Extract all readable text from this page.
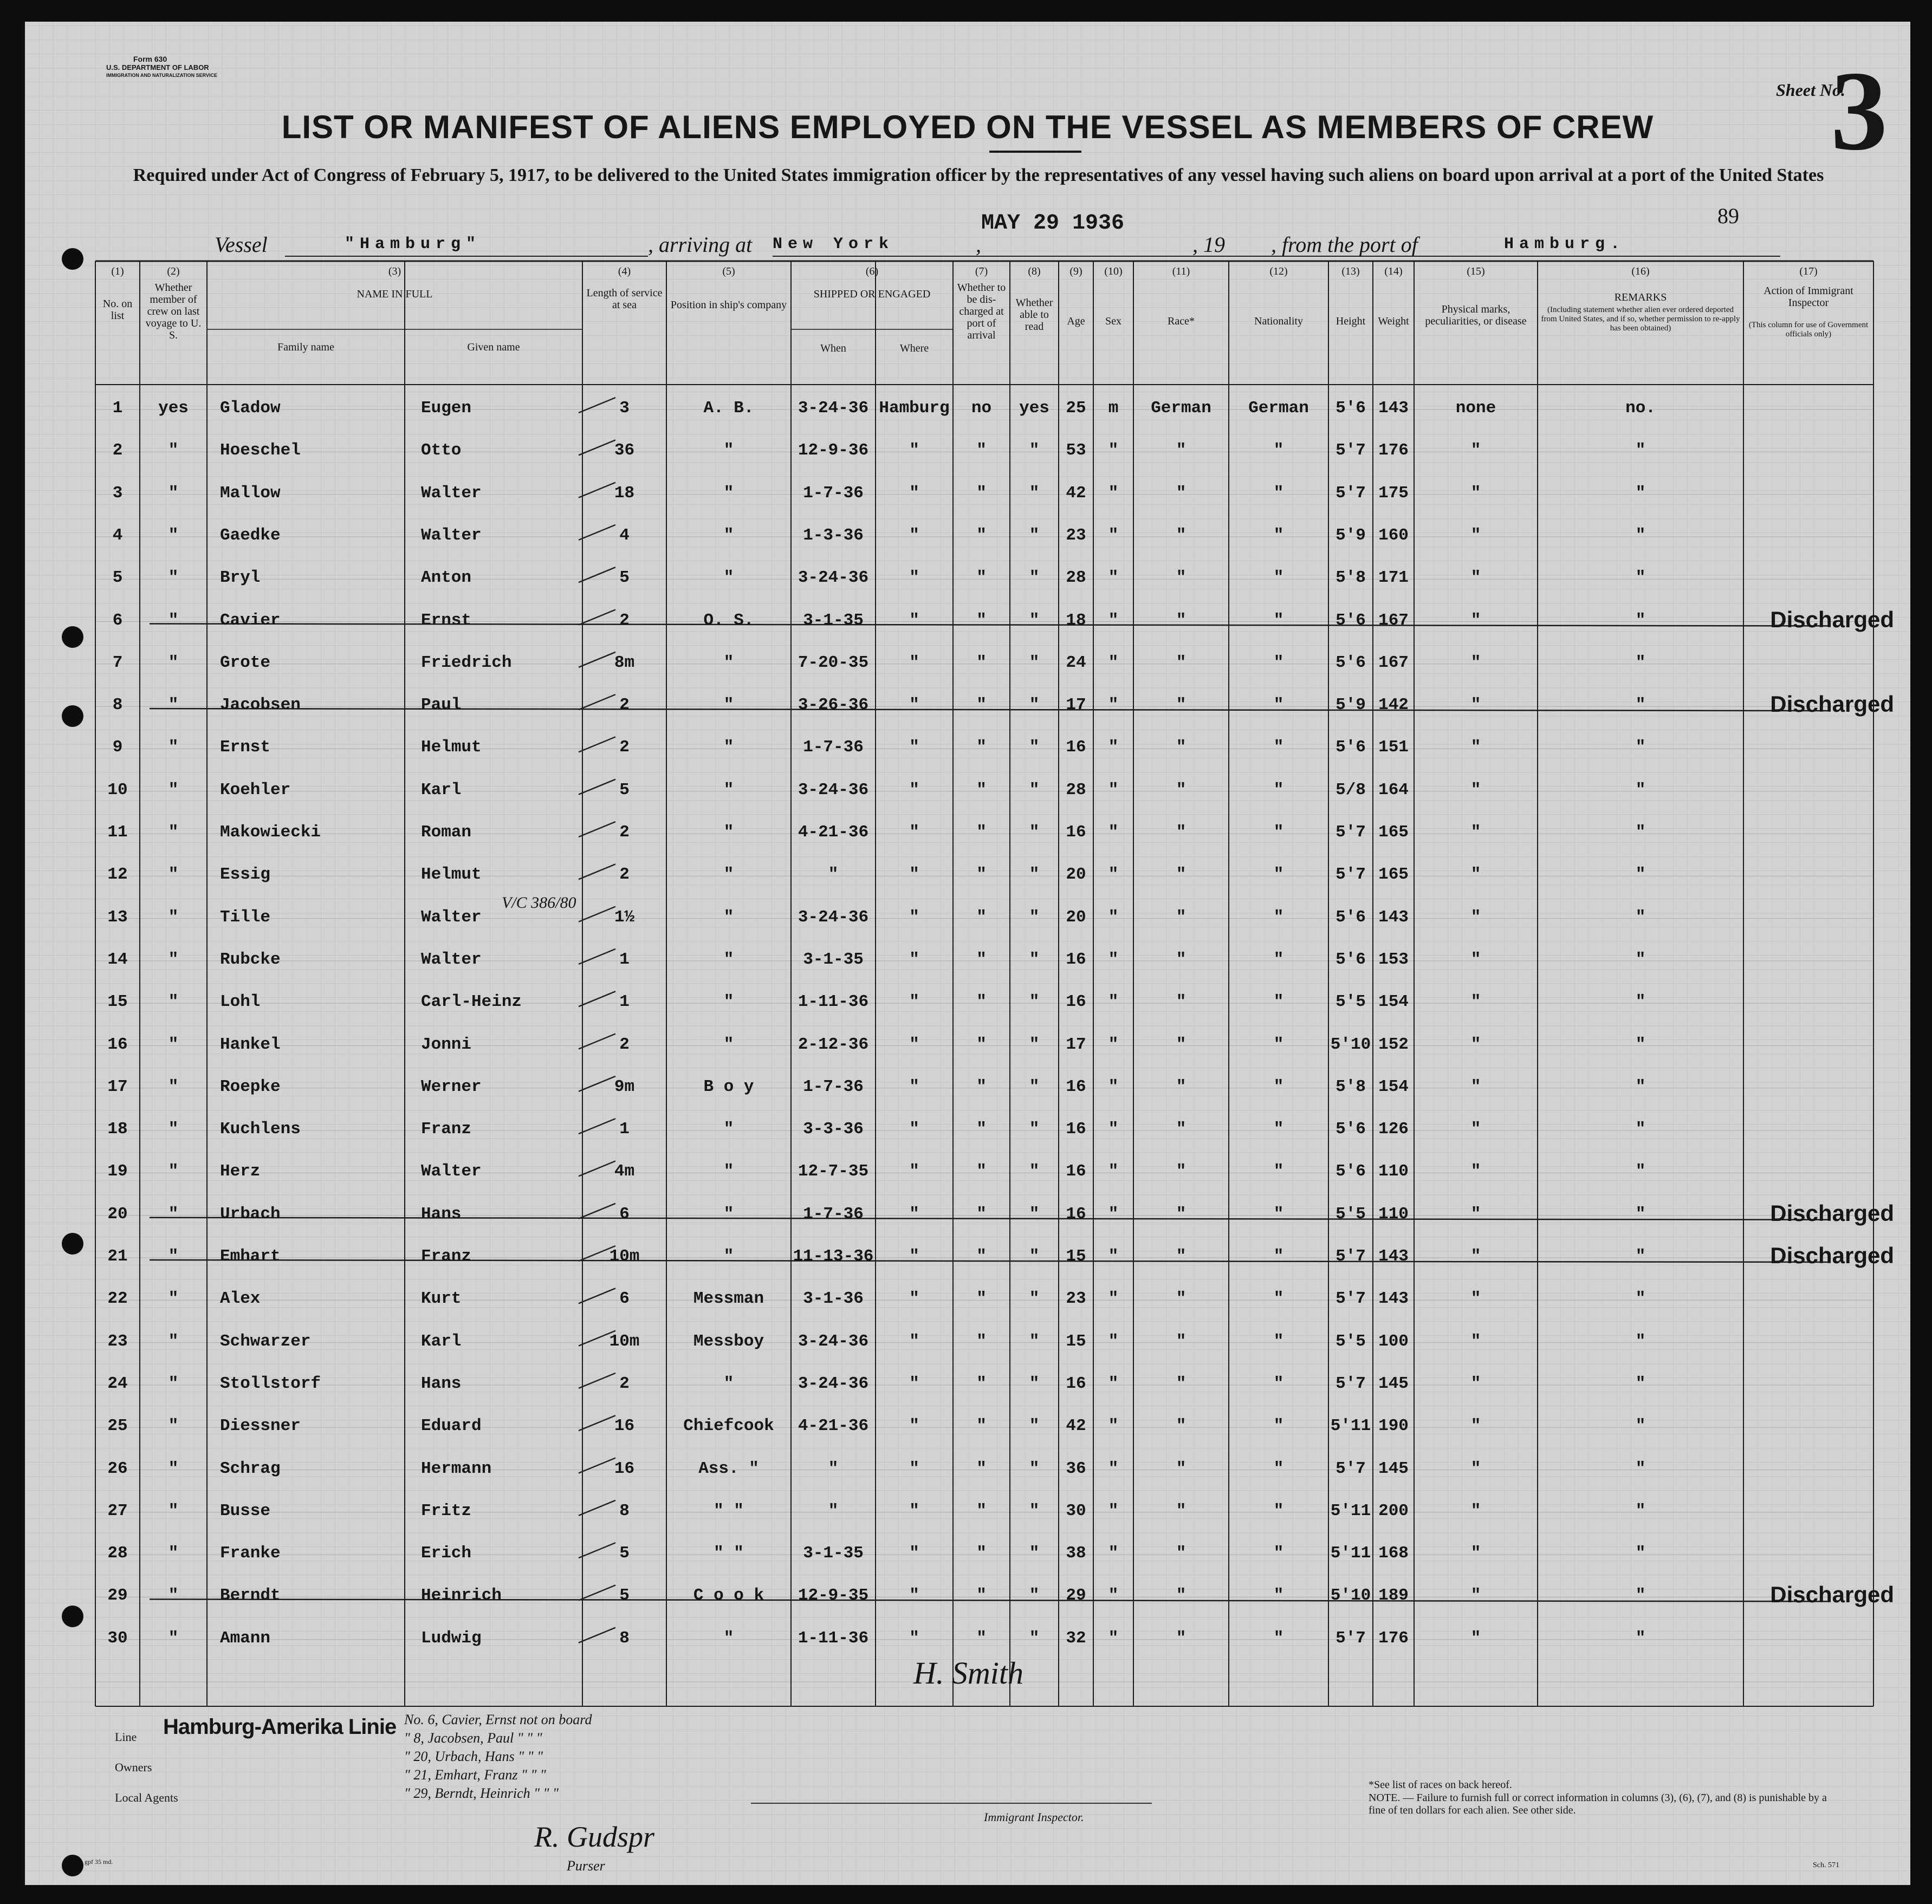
Form 630
U.S. DEPARTMENT OF LABOR
IMMIGRATION AND NATURALIZATION SERVICE
Sheet No.
3
LIST OR MANIFEST OF ALIENS EMPLOYED ON THE VESSEL AS MEMBERS OF CREW
Required under Act of Congress of February 5, 1917, to be delivered to the United States immigration officer by the representatives of any vessel having such aliens on board upon arrival at a port of the United States
MAY 29 1936	89
Vessel	"Hamburg"	, arriving at New York	,	, 19 , from the port of	Hamburg.
(1)	(2)	(3)	(4)	(5)	(6)	(7)	(8)	(9)	(10)	(11)	(12)	(13)	(14)	(15)	(16)	(17)
No. on list
Whether member of crew on last voyage to U. S.
NAME IN FULL
Family name	Given name
Length of service at sea	Position in ship's company
SHIPPED OR ENGAGED
When	Where
Whether to be dis-charged at port of arrival
Whether able to read	Age	Sex	Race*	Nationality	Height	Weight
Physical marks, peculiarities, or disease
REMARKS
Action of Immigrant Inspector
(Including statement whether alien ever ordered deported from United States, and if so, whether permission to re-apply has been obtained)	(This column for use of Government officials only)
1	yes	Gladow	Eugen	3	A. B.	3-24-36 Hamburg	no	yes 25	m	German	German	5'6 143	none	no.
2	"	Hoeschel	Otto	36	"	12-9-36	"	"	"	53	"	"	"	5'7 176	"	"
3	"	Mallow	Walter	18	"	1-7-36	"	"	"	42	"	"	"	5'7 175	"	"
4	"	Gaedke	Walter	4	"	1-3-36	"	"	"	23	"	"	"	5'9 160	"	"
5	"	Bryl	Anton	5	"	3-24-36	"	"	"	28	"	"	"	5'8 171	"	"
6	"	Cavier	Ernst	2	O. S.	3-1-35	"	"	"	18	"	"	"	5'6 167	"	"	Discharged
7	"	Grote	Friedrich	8m	"	7-20-35	"	"	"	24	"	"	"	5'6 167	"	"
8	"	Jacobsen	Paul	2	"	3-26-36	"	"	"	17	"	"	"	5'9 142	"	"	Discharged
9	"	Ernst	Helmut	2	"	1-7-36	"	"	"	16	"	"	"	5'6 151	"	"
10	"	Koehler	Karl	5	"	3-24-36	"	"	"	28	"	"	"	5/8 164	"	"
11	"	Makowiecki	Roman	2	"	4-21-36	"	"	"	16	"	"	"	5'7 165	"	"
12	"	Essig	Helmut	2	"	"	"	"	"	20	"	"	"	5'7 165	"	"
13	"	Tille	Walter	1½	"	3-24-36	"	"	"	20	"	"	"	5'6 143	"	"
V/C 386/80
14	"	Rubcke	Walter	1	"	3-1-35	"	"	"	16	"	"	"	5'6 153	"	"
15	"	Lohl	Carl-Heinz	1	"	1-11-36	"	"	"	16	"	"	"	5'5 154	"	"
16	"	Hankel	Jonni	2	"	2-12-36	"	"	"	17	"	"	"	5'10 152	"	"
17	"	Roepke	Werner	9m	B o y	1-7-36	"	"	"	16	"	"	"	5'8 154	"	"
18	"	Kuchlens	Franz	1	"	3-3-36	"	"	"	16	"	"	"	5'6 126	"	"
19	"	Herz	Walter	4m	"	12-7-35	"	"	"	16	"	"	"	5'6 110	"	"
20	"	Urbach	Hans	6	"	1-7-36	"	"	"	16	"	"	"	5'5 110	"	"	Discharged
21	"	Emhart	Franz	10m	"	11-13-36	"	"	"	15	"	"	"	5'7 143	"	"	Discharged
22	"	Alex	Kurt	6	Messman	3-1-36	"	"	"	23	"	"	"	5'7 143	"	"
23	"	Schwarzer	Karl	10m	Messboy	3-24-36	"	"	"	15	"	"	"	5'5 100	"	"
24	"	Stollstorf	Hans	2	"	3-24-36	"	"	"	16	"	"	"	5'7 145	"	"
25	"	Diessner	Eduard	16	Chiefcook	4-21-36	"	"	"	42	"	"	"	5'11 190	"	"
26	"	Schrag	Hermann	16	Ass. "	"	"	"	"	36	"	"	"	5'7 145	"	"
27	"	Busse	Fritz	8	" "	"	"	"	"	30	"	"	"	5'11 200	"	"
28	"	Franke	Erich	5	" "	3-1-35	"	"	"	38	"	"	"	5'11 168	"	"
29	"	Berndt	Heinrich	5	C o o k	12-9-35	"	"	"	29	"	"	"	5'10 189	"	"	Discharged
30	"	Amann	Ludwig	8	"	1-11-36	"	"	"	32	"	"	"	5'7 176	"	"
Line Hamburg-Amerika Linie
Owners
Local Agents
Immigrant Inspector.
No. 6, Cavier, Ernst not on board
" 8, Jacobsen, Paul " " "
" 20, Urbach, Hans " " "
" 21, Emhart, Franz " " "
" 29, Berndt, Heinrich " " "
H. Smith
R. Gudspr
Purser
*See list of races on back hereof.
NOTE. — Failure to furnish full or correct information in columns (3), (6), (7), and (8) is punishable by a fine of ten dollars for each alien. See other side.
gpf 35 md.	Sch. 571
